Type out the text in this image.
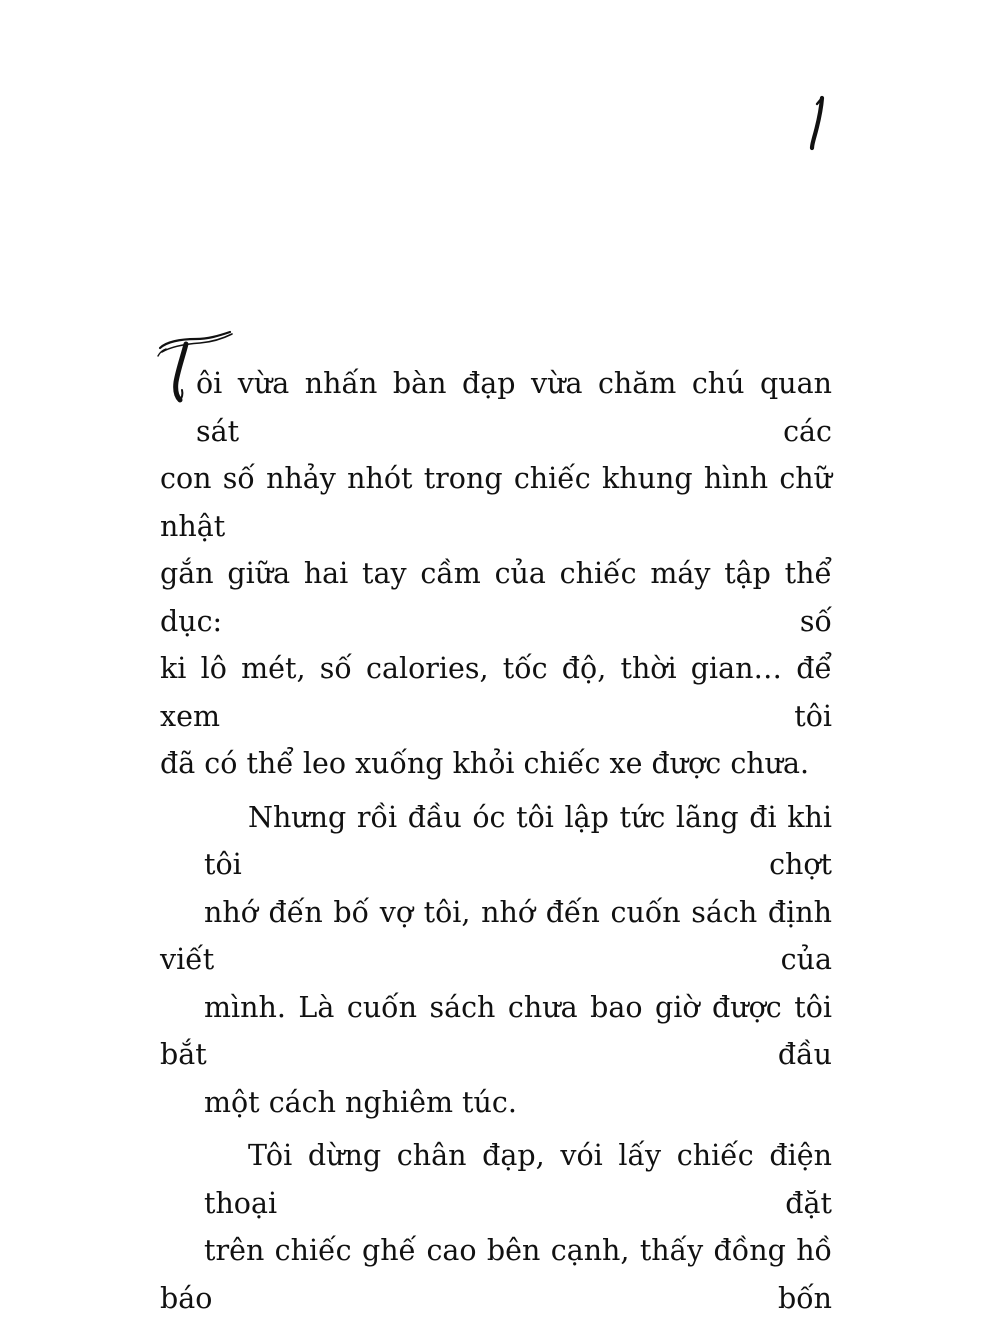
ôi vừa nhấn bàn đạp vừa chăm chú quan sát các
con số nhảy nhót trong chiếc khung hình chữ nhật
gắn giữa hai tay cầm của chiếc máy tập thể dục: số
ki lô mét, số calories, tốc độ, thời gian… để xem tôi
đã có thể leo xuống khỏi chiếc xe được chưa.

Nhưng rồi đầu óc tôi lập tức lãng đi khi tôi chợt
nhớ đến bố vợ tôi, nhớ đến cuốn sách định viết của
mình. Là cuốn sách chưa bao giờ được tôi bắt đầu
một cách nghiêm túc.

Tôi dừng chân đạp, vói lấy chiếc điện thoại đặt
trên chiếc ghế cao bên cạnh, thấy đồng hồ báo bốn
